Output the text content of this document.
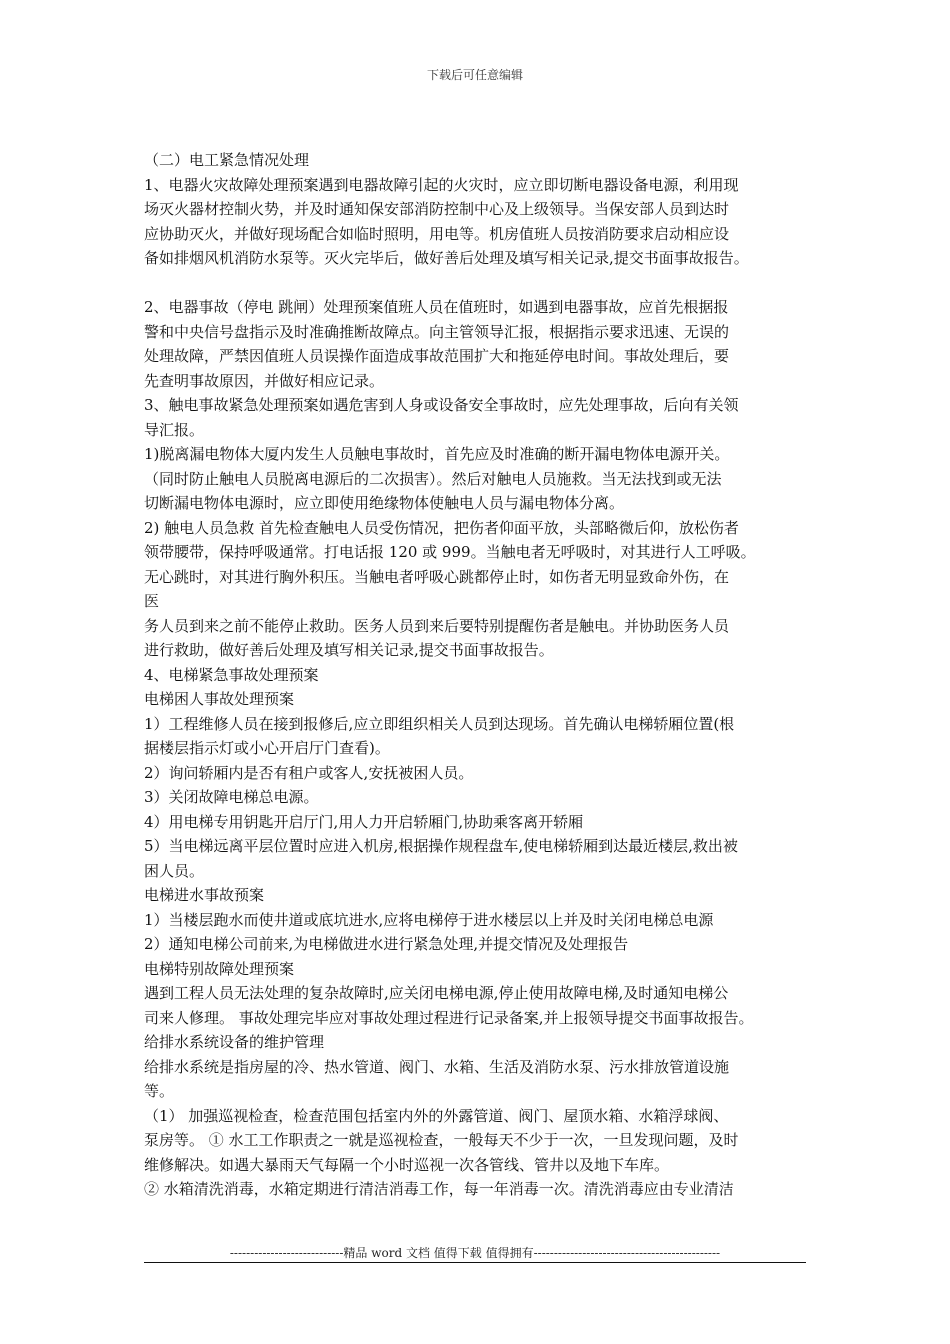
下载后可任意编辑
（二）电工紧急情况处理
1、电器火灾故障处理预案遇到电器故障引起的火灾时，应立即切断电器设备电源，利用现
场灭火器材控制火势，并及时通知保安部消防控制中心及上级领导。当保安部人员到达时
应协助灭火，并做好现场配合如临时照明，用电等。机房值班人员按消防要求启动相应设
备如排烟风机消防水泵等。灭火完毕后，做好善后处理及填写相关记录,提交书面事故报告。
2、电器事故（停电 跳闸）处理预案值班人员在值班时，如遇到电器事故，应首先根据报
警和中央信号盘指示及时准确推断故障点。向主管领导汇报，根据指示要求迅速、无误的
处理故障，严禁因值班人员误操作面造成事故范围扩大和拖延停电时间。事故处理后，要
先查明事故原因，并做好相应记录。
3、触电事故紧急处理预案如遇危害到人身或设备安全事故时，应先处理事故，后向有关领
导汇报。
1)脱离漏电物体大厦内发生人员触电事故时，首先应及时准确的断开漏电物体电源开关。
（同时防止触电人员脱离电源后的二次损害）。然后对触电人员施救。当无法找到或无法
切断漏电物体电源时，应立即使用绝缘物体使触电人员与漏电物体分离。
2) 触电人员急救 首先检查触电人员受伤情况，把伤者仰面平放，头部略微后仰，放松伤者
领带腰带，保持呼吸通常。打电话报 120 或 999。当触电者无呼吸时，对其进行人工呼吸。
无心跳时，对其进行胸外积压。当触电者呼吸心跳都停止时，如伤者无明显致命外伤，在
医
务人员到来之前不能停止救助。医务人员到来后要特别提醒伤者是触电。并协助医务人员
进行救助，做好善后处理及填写相关记录,提交书面事故报告。
4、电梯紧急事故处理预案
电梯困人事故处理预案
1）工程维修人员在接到报修后,应立即组织相关人员到达现场。首先确认电梯轿厢位置(根
据楼层指示灯或小心开启厅门查看)。
2）询问轿厢内是否有租户或客人,安抚被困人员。
3）关闭故障电梯总电源。
4）用电梯专用钥匙开启厅门,用人力开启轿厢门,协助乘客离开轿厢
5）当电梯远离平层位置时应进入机房,根据操作规程盘车,使电梯轿厢到达最近楼层,救出被
困人员。
电梯进水事故预案
1）当楼层跑水而使井道或底坑进水,应将电梯停于进水楼层以上并及时关闭电梯总电源
2）通知电梯公司前来,为电梯做进水进行紧急处理,并提交情况及处理报告
电梯特别故障处理预案
遇到工程人员无法处理的复杂故障时,应关闭电梯电源,停止使用故障电梯,及时通知电梯公
司来人修理。 事故处理完毕应对事故处理过程进行记录备案,并上报领导提交书面事故报告。
给排水系统设备的维护管理
给排水系统是指房屋的冷、热水管道、阀门、水箱、生活及消防水泵、污水排放管道设施
等。
（1） 加强巡视检查，检查范围包括室内外的外露管道、阀门、屋顶水箱、水箱浮球阀、
泵房等。 ① 水工工作职责之一就是巡视检查，一般每天不少于一次，一旦发现问题，及时
维修解决。如遇大暴雨天气每隔一个小时巡视一次各管线、管井以及地下车库。
② 水箱清洗消毒，水箱定期进行清洁消毒工作，每一年消毒一次。清洗消毒应由专业清洁
----------------------------精品 word 文档 值得下载 值得拥有----------------------------------------------
